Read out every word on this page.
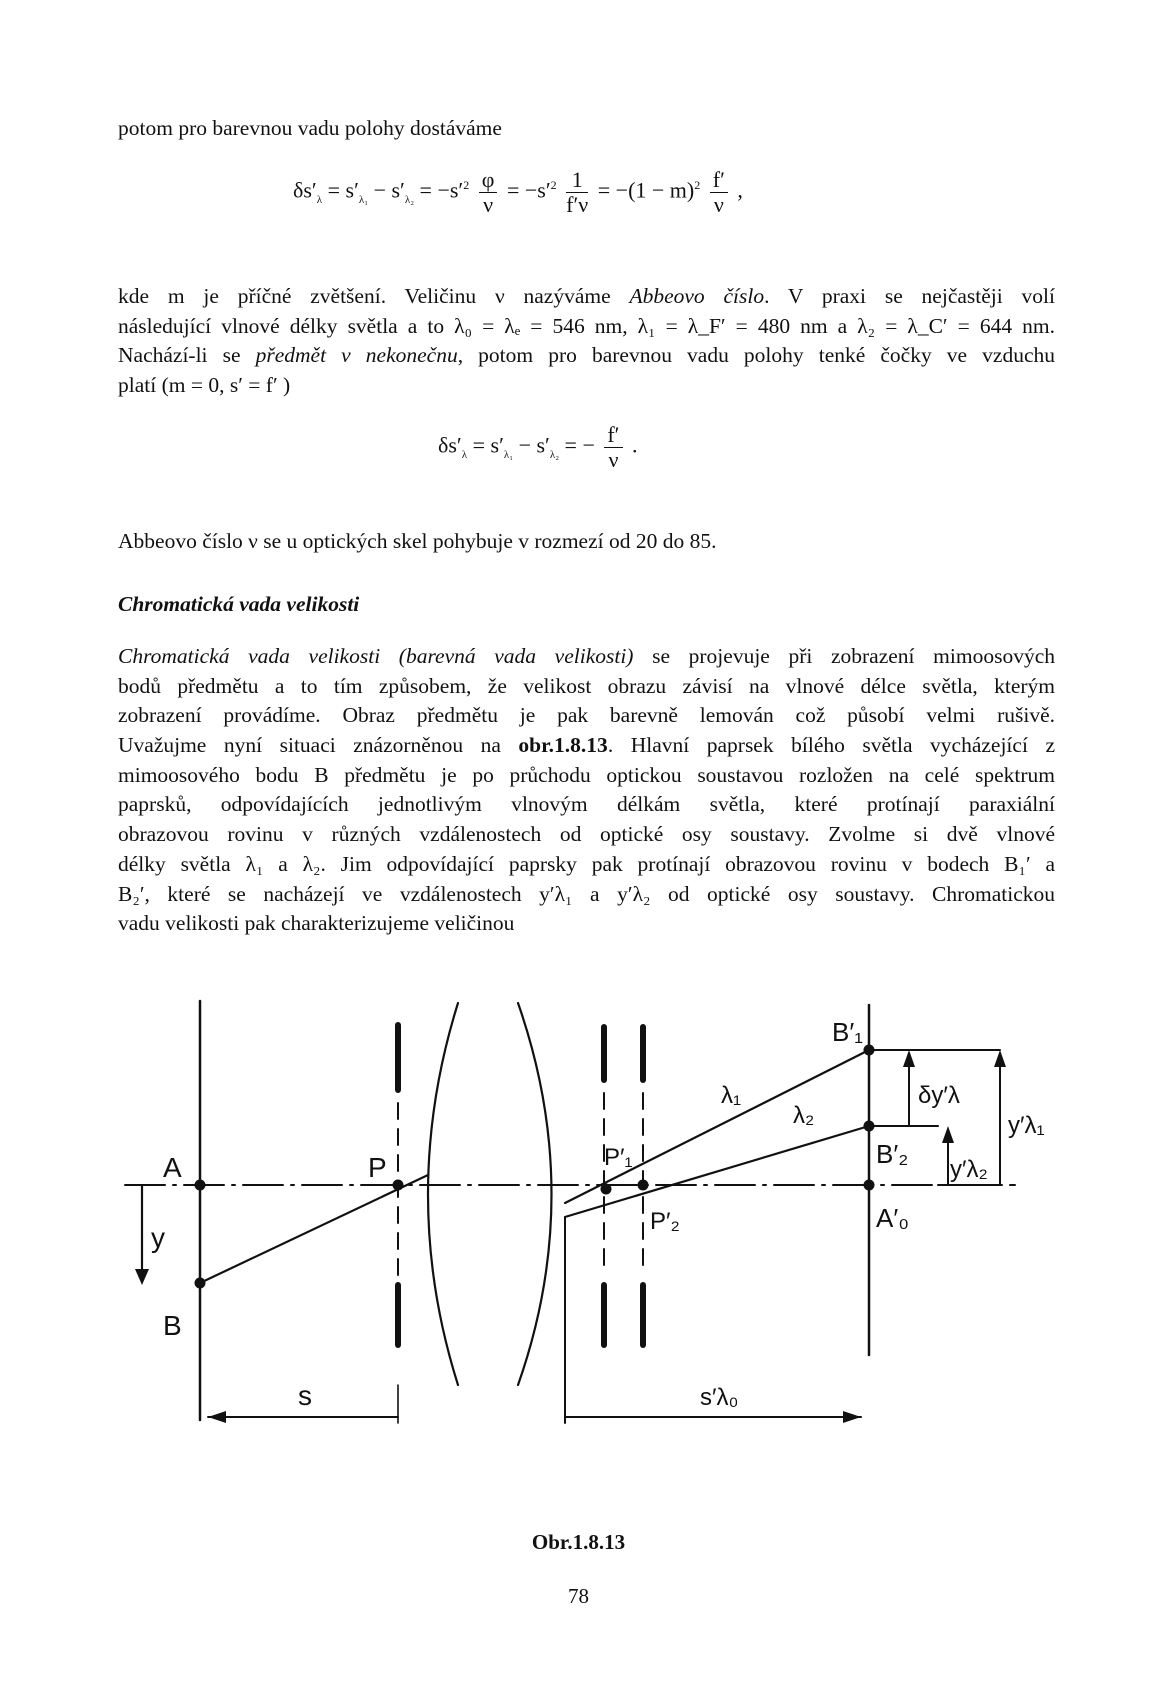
potom pro barevnou vadu polohy dostáváme
$\delta s'_\lambda = s'_{\lambda_1} - s'_{\lambda_2} = -s'^2 \frac{\varphi}{\nu} = -s'^2 \frac{1}{f'\nu} = -(1 - m)^2 \frac{f'}{\nu}$ ,
kde m je příčné zvětšení. Veličinu ν nazýváme Abbeovo číslo. V praxi se nejčastěji volí
následující vlnové délky světla a to λ₀ = λₑ = 546 nm, λ₁ = λ_F′ = 480 nm a λ₂ = λ_C′ = 644 nm.
Nachází-li se předmět v nekonečnu, potom pro barevnou vadu polohy tenké čočky ve vzduchu
platí (m = 0, s′ = f′ )
$\delta s'_\lambda = s'_{\lambda_1} - s'_{\lambda_2}$ = − $\frac{f'}{\nu}$ .
Abbeovo číslo ν se u optických skel pohybuje v rozmezí od 20 do 85.
Chromatická vada velikosti
Chromatická vada velikosti (barevná vada velikosti) se projevuje při zobrazení mimoosových
bodů předmětu a to tím způsobem, že velikost obrazu závisí na vlnové délce světla, kterým
zobrazení provádíme. Obraz předmětu je pak barevně lemován což působí velmi rušivě.
Uvažujme nyní situaci znázorněnou na obr.1.8.13. Hlavní paprsek bílého světla vycházející z
mimoosového bodu B předmětu je po průchodu optickou soustavou rozložen na celé spektrum
paprsků, odpovídajících jednotlivým vlnovým délkám světla, které protínají paraxiální
obrazovou rovinu v různých vzdálenostech od optické osy soustavy. Zvolme si dvě vlnové
délky světla λ₁ a λ₂. Jim odpovídající paprsky pak protínají obrazovou rovinu v bodech B₁′ a
B₂′, které se nacházejí ve vzdálenostech y′λ₁ a y′λ₂ od optické osy soustavy. Chromatickou
vadu velikosti pak charakterizujeme veličinou
A
y
B
P	P′₁
P′₂
λ₁
λ₂
B′₁
B′₂
A′₀
δy′λ
y′λ₂
y′λ₁
s	s′λ₀
Obr.1.8.13
78
